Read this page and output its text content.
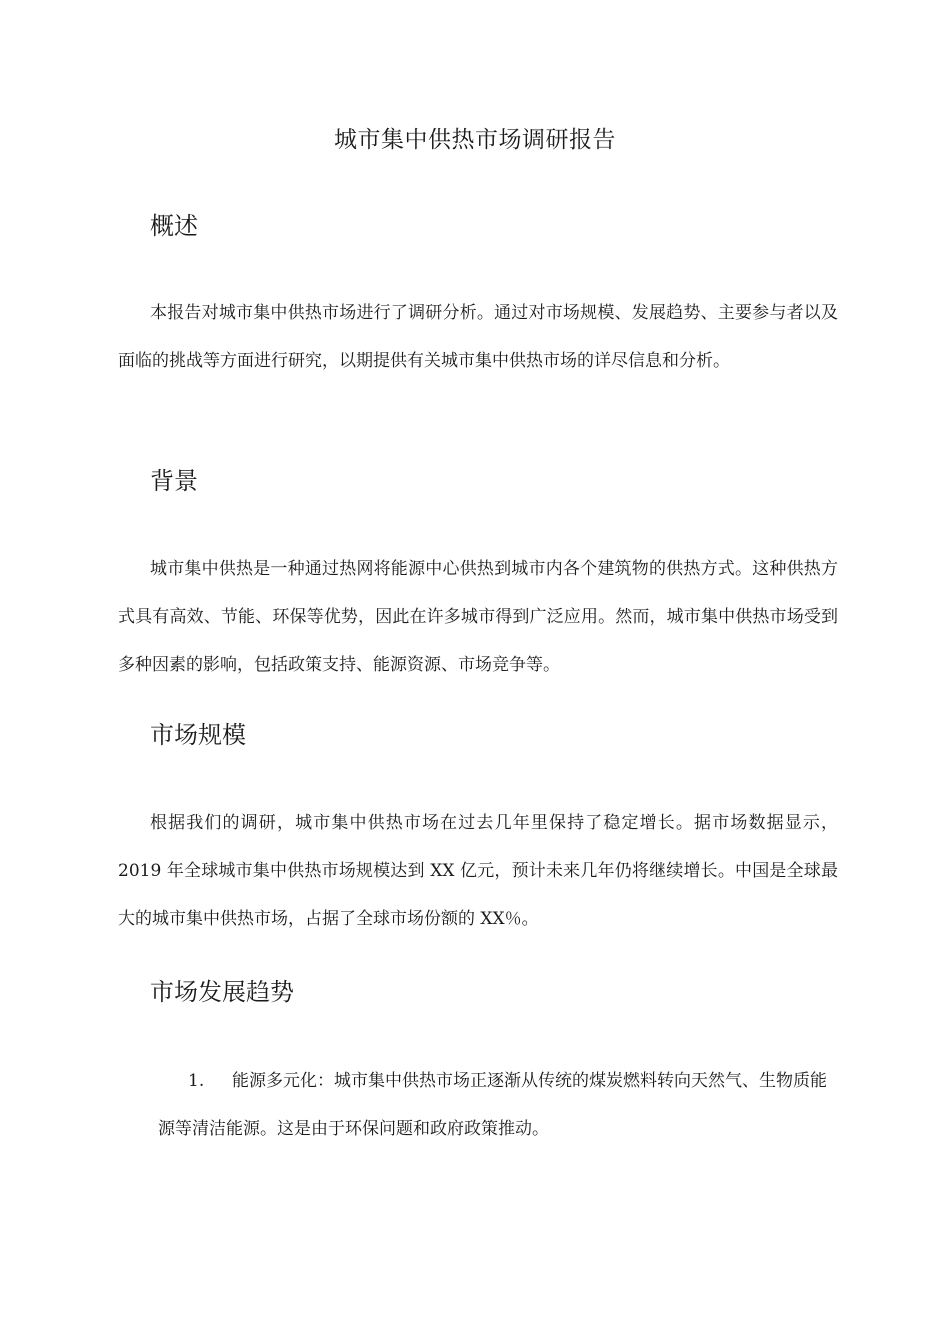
城市集中供热市场调研报告
概述

本报告对城市集中供热市场进行了调研分析。通过对市场规模、发展趋势、主要参与者以及面临的挑战等方面进行研究，以期提供有关城市集中供热市场的详尽信息和分析。

背景

城市集中供热是一种通过热网将能源中心供热到城市内各个建筑物的供热方式。这种供热方式具有高效、节能、环保等优势，因此在许多城市得到广泛应用。然而，城市集中供热市场受到多种因素的影响，包括政策支持、能源资源、市场竞争等。

市场规模

根据我们的调研，城市集中供热市场在过去几年里保持了稳定增长。据市场数据显示，2019 年全球城市集中供热市场规模达到 XX 亿元，预计未来几年仍将继续增长。中国是全球最大的城市集中供热市场，占据了全球市场份额的 XX％。

市场发展趋势

1. 能源多元化：城市集中供热市场正逐渐从传统的煤炭燃料转向天然气、生物质能源等清洁能源。这是由于环保问题和政府政策推动。
